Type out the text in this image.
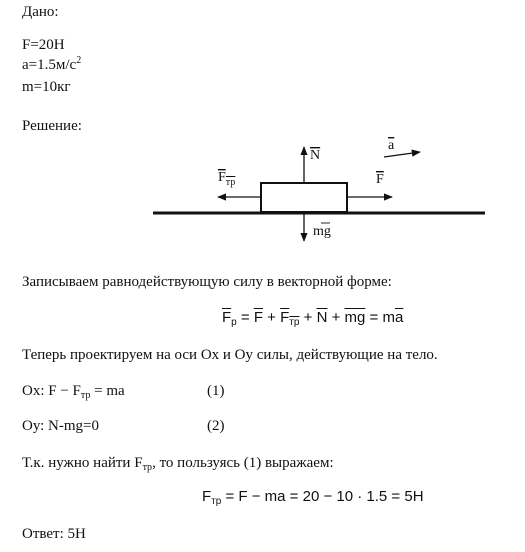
Дано:
F=20Н
$a=1.5м/с^2$
m=10кг
Решение:
N
a
$F_{тр}$	F
mg
Записываем равнодействующую силу в векторной форме:
$\overline{F}_р = \overline{F} + \overline{F}_{тр} + \overline{N} + \overline{mg} = m\overline{a}$
Теперь проектируем на оси Ох и Оу силы, действующие на тело.
Ох: $F - F_{тр}$ = ma	(1)
Оу: N-mg=0	(2)
Т.к. нужно найти $F_{тр}$, то пользуясь (1) выражаем:
$F_{тр} = F$ − ma = 20 − 10 · 1.5 = 5Н
Ответ: 5Н
